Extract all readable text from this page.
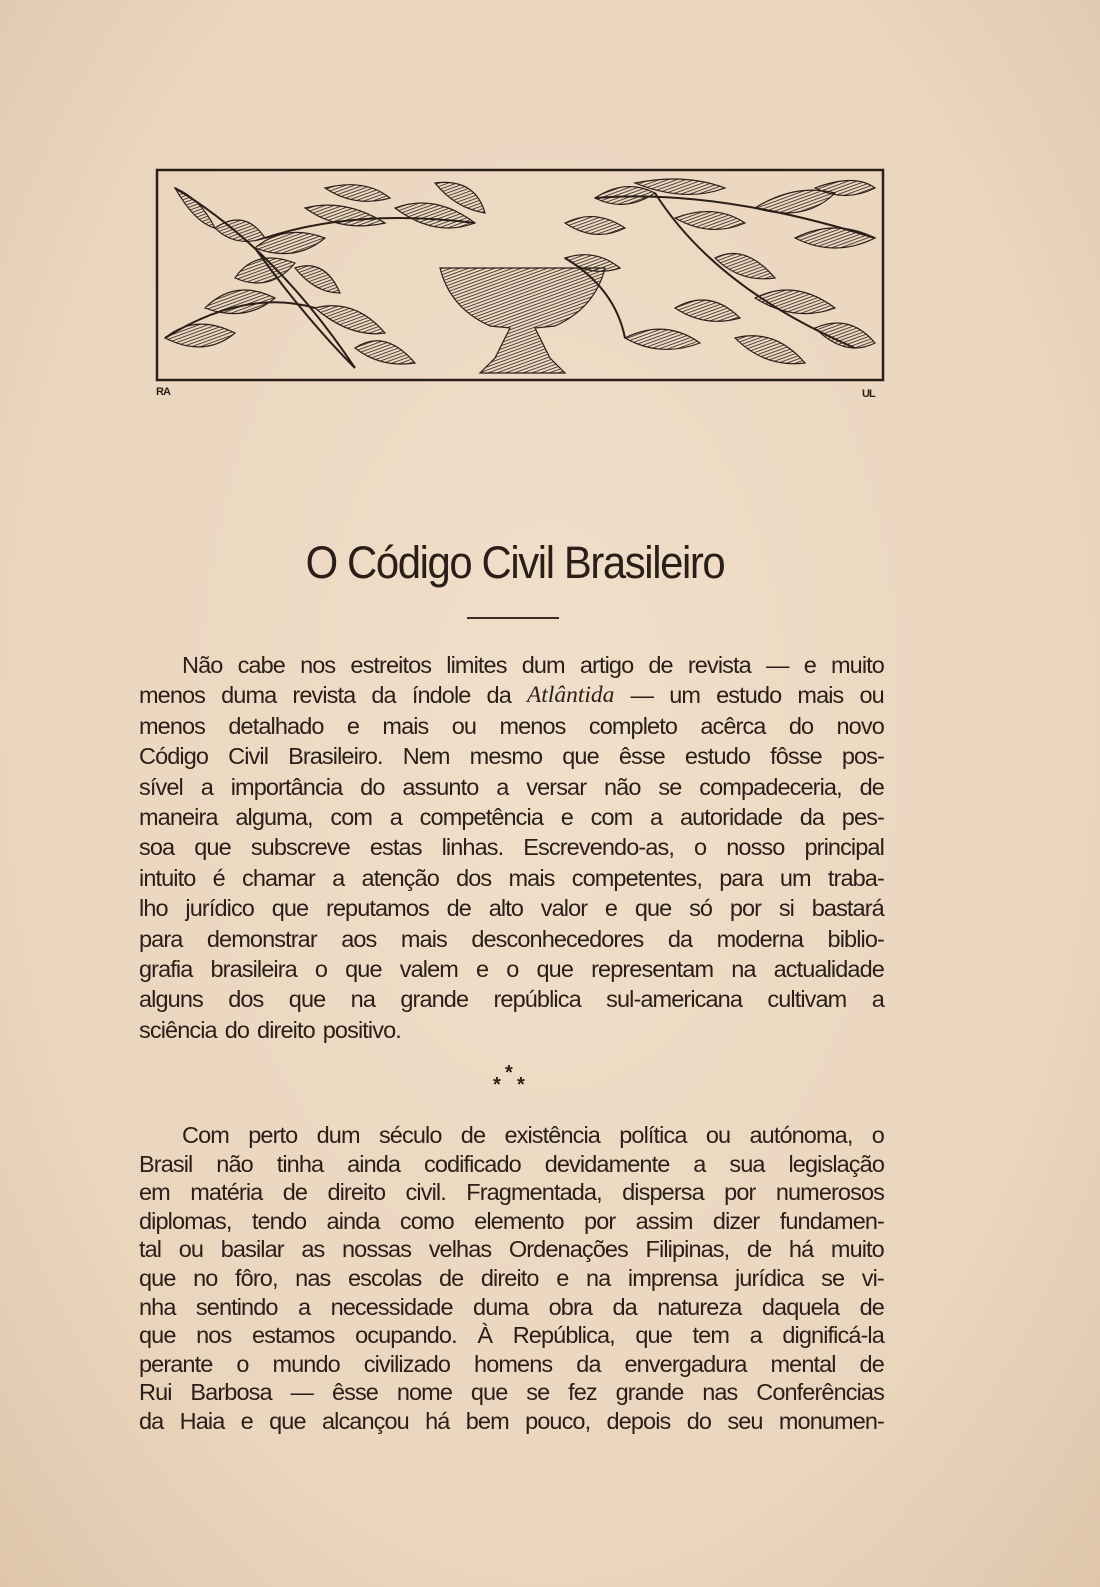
RA	UL
O Código Civil Brasileiro
Não cabe nos estreitos limites dum artigo de revista — e muito
menos duma revista da índole da Atlântida — um estudo mais ou
menos detalhado e mais ou menos completo acêrca do novo
Código Civil Brasileiro. Nem mesmo que êsse estudo fôsse pos-
sível a importância do assunto a versar não se compadeceria, de
maneira alguma, com a competência e com a autoridade da pes-
soa que subscreve estas linhas. Escrevendo-as, o nosso principal
intuito é chamar a atenção dos mais competentes, para um traba-
lho jurídico que reputamos de alto valor e que só por si bastará
para demonstrar aos mais desconhecedores da moderna biblio-
grafia brasileira o que valem e o que representam na actualidade
alguns dos que na grande república sul-americana cultivam a
sciência do direito positivo.
*
* *
Com perto dum século de existência política ou autónoma, o
Brasil não tinha ainda codificado devidamente a sua legislação
em matéria de direito civil. Fragmentada, dispersa por numerosos
diplomas, tendo ainda como elemento por assim dizer fundamen-
tal ou basilar as nossas velhas Ordenações Filipinas, de há muito
que no fôro, nas escolas de direito e na imprensa jurídica se vi-
nha sentindo a necessidade duma obra da natureza daquela de
que nos estamos ocupando. À República, que tem a dignificá-la
perante o mundo civilizado homens da envergadura mental de
Rui Barbosa — êsse nome que se fez grande nas Conferências
da Haia e que alcançou há bem pouco, depois do seu monumen-
